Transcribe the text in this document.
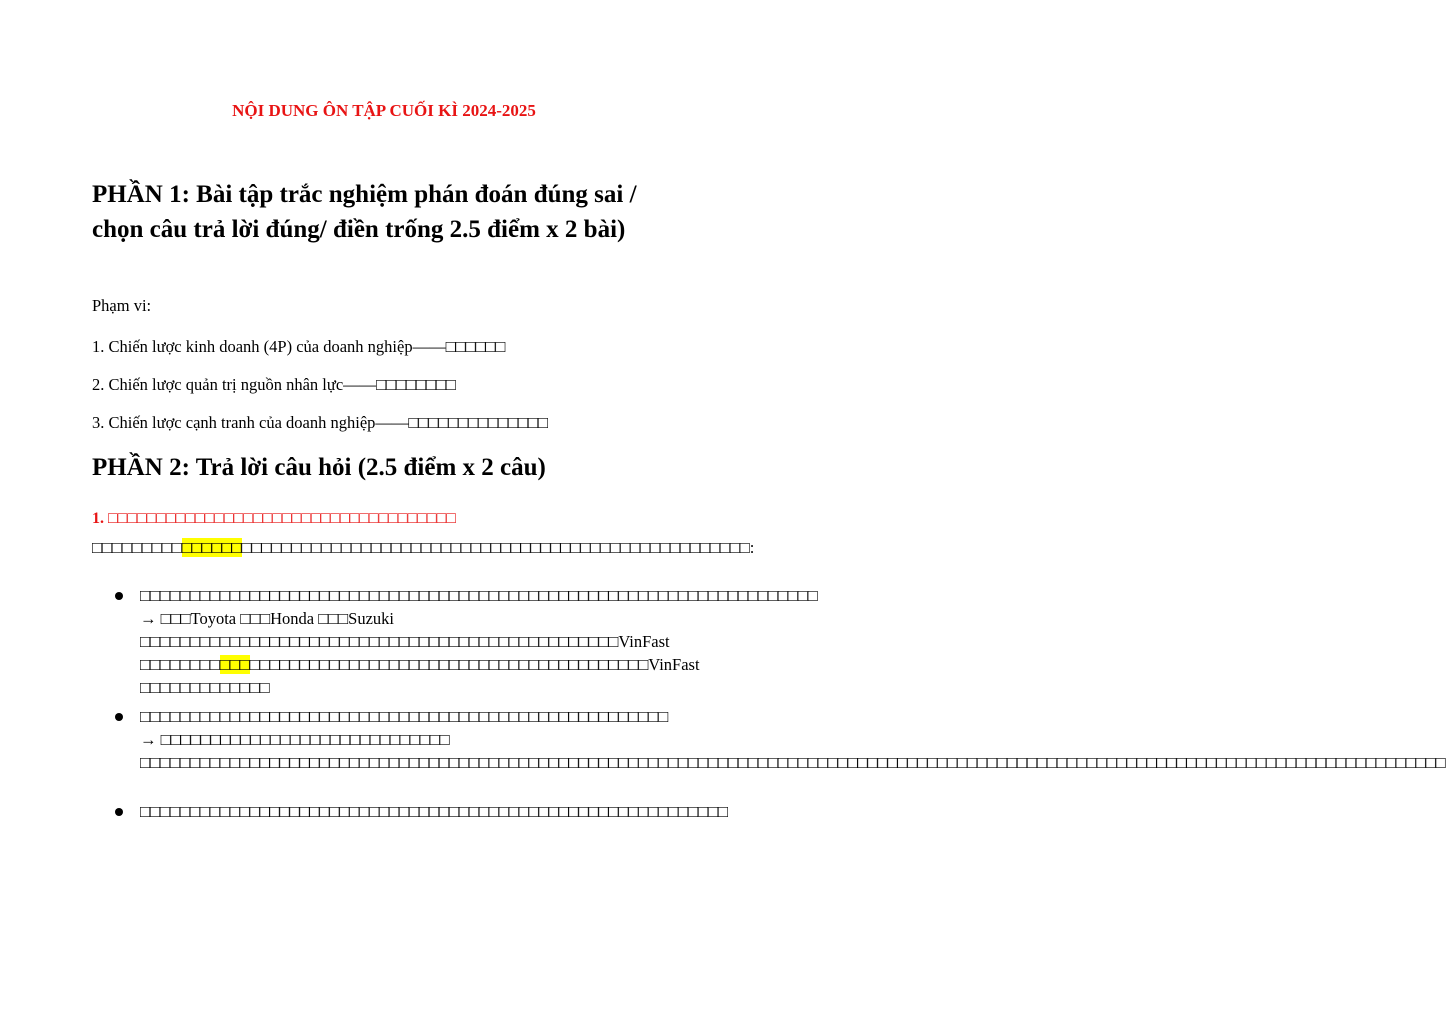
NỘI DUNG ÔN TẬP CUỐI KÌ 2024-2025
PHẦN 1: Bài tập trắc nghiệm phán đoán đúng sai / chọn câu trả lời đúng/ điền trống 2.5 điểm x 2 bài)
Phạm vi:
1. Chiến lược kinh doanh (4P) của doanh nghiệp——□□□□□□
2. Chiến lược quản trị nguồn nhân lực——□□□□□□□□
3. Chiến lược cạnh tranh của doanh nghiệp——□□□□□□□□□□□□□□
PHẦN 2: Trả lời câu hỏi (2.5 điểm x 2 câu)
1. □□□□□□□□□□□□□□□□□□□□□□□□□□□□□□□□□□□□
□□□□□□□□□□□□□□□□□□□□□□□□□□□□□□□□□□□□□□□□□□□□□□□□□□□□□□□□□□□□□□□□□□:
□□□□□□□□□□□□□□□□□□□□□□□□□□□□□□□□□□□□□□□□□□□□□□□□□□□□□□□□□□□□□□□□□□□□
→ □□□Toyota □□□Honda □□□Suzuki □□□□□□□□□□□□□□□□□□□□□□□□□□□□□□□□□□□□□□□□□□□□□□□□VinFast □□□□□□□□□□□□□□□□□□□□□□□□□□□□□□□□□□□□□□□□□□□□□□□□□□□VinFast □□□□□□□□□□□□□
□□□□□□□□□□□□□□□□□□□□□□□□□□□□□□□□□□□□□□□□□□□□□□□□□□□□□
→ □□□□□□□□□□□□□□□□□□□□□□□□□□□□□
□□□□□□□□□□□□□□□□□□□□□□□□□□□□□□□□□□□□□□□□□□□□□□□□□□□□□□□□□□□□□□□□□□□□□□□□□□□□□□□□□□□□□□□□□□□□□□□□□□□□□□□□□□□□□□□□□□□□□□□□□□□□□□□□□□□
□□□□□□□□□□□□□□□□□□□□□□□□□□□□□□□□□□□□□□□□□□□□□□□□□□□□□□□□□□□
